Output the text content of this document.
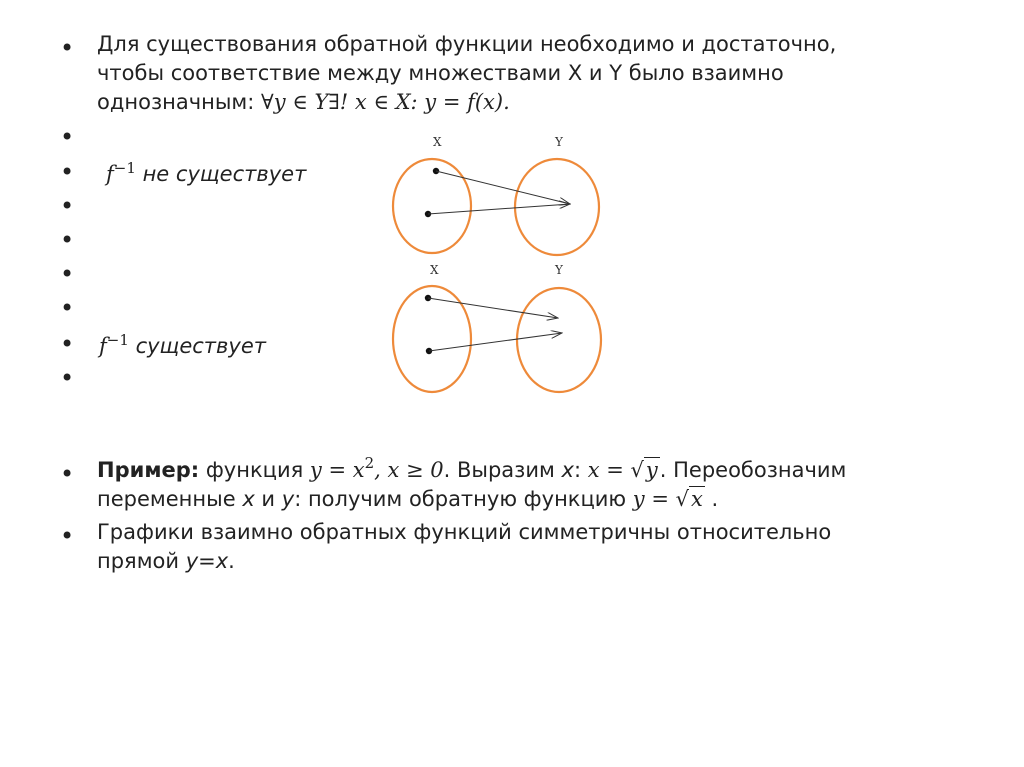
• Для существования обратной функции необходимо и достаточно,
чтобы соответствие между множествами X и Y было взаимно
однозначным: ∀y ∈ Y∃! x ∈ X: y = f(x).
•
•
•
•
•
•
•
•
$f^{-1}$ не существует
$f^{-1}$ существует
X	Y
X	Y
• Пример: функция $y = x^2$, x ≥ 0. Выразим x: x = √y. Переобозначим
переменные x и y: получим обратную функцию y = √x .
• Графики взаимно обратных функций симметричны относительно
прямой y=x.
